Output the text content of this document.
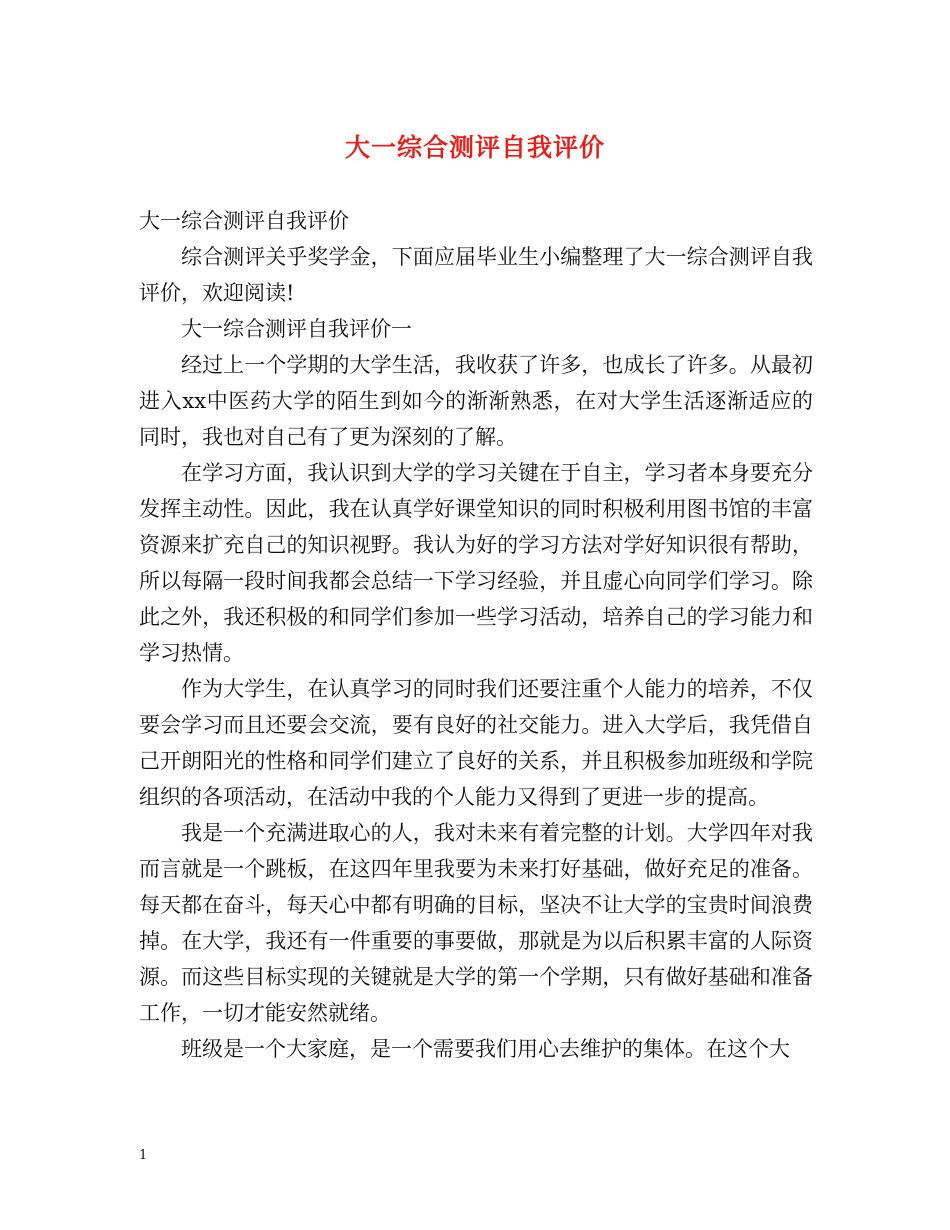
大一综合测评自我评价

大一综合测评自我评价

综合测评关乎奖学金，下面应届毕业生小编整理了大一综合测评自我评价，欢迎阅读!

大一综合测评自我评价一

经过上一个学期的大学生活，我收获了许多，也成长了许多。从最初进入xx中医药大学的陌生到如今的渐渐熟悉，在对大学生活逐渐适应的同时，我也对自己有了更为深刻的了解。

在学习方面，我认识到大学的学习关键在于自主，学习者本身要充分发挥主动性。因此，我在认真学好课堂知识的同时积极利用图书馆的丰富资源来扩充自己的知识视野。我认为好的学习方法对学好知识很有帮助，所以每隔一段时间我都会总结一下学习经验，并且虚心向同学们学习。除此之外，我还积极的和同学们参加一些学习活动，培养自己的学习能力和学习热情。

作为大学生，在认真学习的同时我们还要注重个人能力的培养，不仅要会学习而且还要会交流，要有良好的社交能力。进入大学后，我凭借自己开朗阳光的性格和同学们建立了良好的关系，并且积极参加班级和学院组织的各项活动，在活动中我的个人能力又得到了更进一步的提高。

我是一个充满进取心的人，我对未来有着完整的计划。大学四年对我而言就是一个跳板，在这四年里我要为未来打好基础，做好充足的准备。每天都在奋斗，每天心中都有明确的目标，坚决不让大学的宝贵时间浪费掉。在大学，我还有一件重要的事要做，那就是为以后积累丰富的人际资源。而这些目标实现的关键就是大学的第一个学期，只有做好基础和准备工作，一切才能安然就绪。

班级是一个大家庭，是一个需要我们用心去维护的集体。在这个大

1
